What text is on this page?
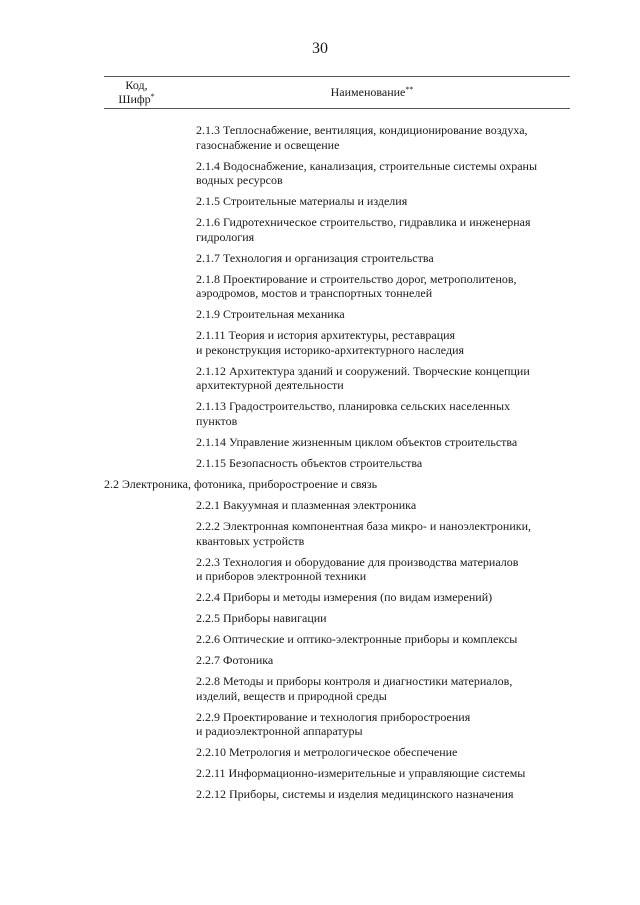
30
Код,
Шифр*	Наименование**
2.1.3 Теплоснабжение, вентиляция, кондиционирование воздуха,
газоснабжение и освещение
2.1.4 Водоснабжение, канализация, строительные системы охраны
водных ресурсов
2.1.5 Строительные материалы и изделия
2.1.6 Гидротехническое строительство, гидравлика и инженерная
гидрология
2.1.7 Технология и организация строительства
2.1.8 Проектирование и строительство дорог, метрополитенов,
аэродромов, мостов и транспортных тоннелей
2.1.9 Строительная механика
2.1.11 Теория и история архитектуры, реставрация
и реконструкция историко-архитектурного наследия
2.1.12 Архитектура зданий и сооружений. Творческие концепции
архитектурной деятельности
2.1.13 Градостроительство, планировка сельских населенных
пунктов
2.1.14 Управление жизненным циклом объектов строительства
2.1.15 Безопасность объектов строительства
2.2 Электроника, фотоника, приборостроение и связь
2.2.1 Вакуумная и плазменная электроника
2.2.2 Электронная компонентная база микро- и наноэлектроники,
квантовых устройств
2.2.3 Технология и оборудование для производства материалов
и приборов электронной техники
2.2.4 Приборы и методы измерения (по видам измерений)
2.2.5 Приборы навигации
2.2.6 Оптические и оптико-электронные приборы и комплексы
2.2.7 Фотоника
2.2.8 Методы и приборы контроля и диагностики материалов,
изделий, веществ и природной среды
2.2.9 Проектирование и технология приборостроения
и радиоэлектронной аппаратуры
2.2.10 Метрология и метрологическое обеспечение
2.2.11 Информационно-измерительные и управляющие системы
2.2.12 Приборы, системы и изделия медицинского назначения
